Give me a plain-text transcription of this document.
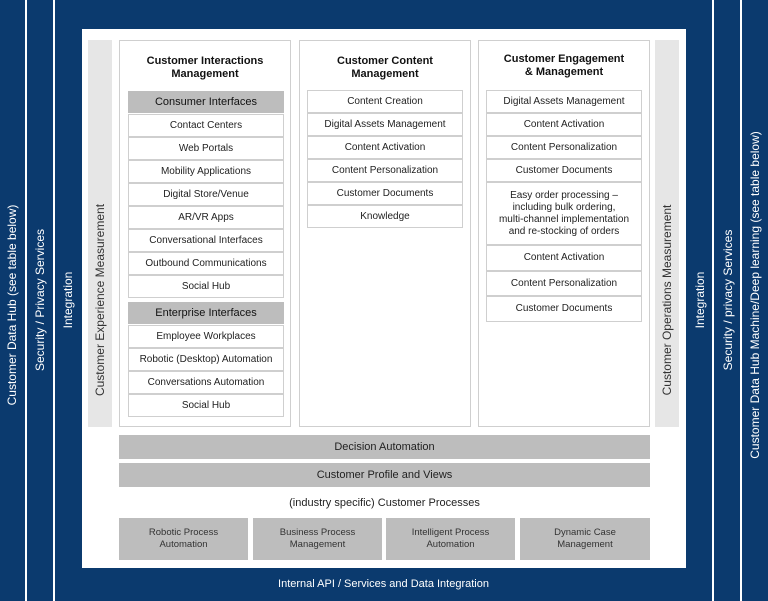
Customer Data Hub (see table below) Security / Privacy Services Integration	Integration Security / privacy Services Customer Data Hub Machine/Deep learning (see table below)
Customer Experience Measurement	Customer Operations Measurement
Customer Interactions
Management
Consumer Interfaces
Contact Centers
Web Portals
Mobility Applications
Digital Store/Venue
AR/VR Apps
Conversational Interfaces
Outbound Communications
Social Hub
Enterprise Interfaces
Employee Workplaces
Robotic (Desktop) Automation
Conversations Automation
Social Hub
Customer Content
Management
Content Creation
Digital Assets Management
Content Activation
Content Personalization
Customer Documents
Knowledge
Customer Engagement
& Management
Digital Assets Management
Content Activation
Content Personalization
Customer Documents
Easy order processing –
including bulk ordering,
multi-channel implementation
and re-stocking of orders
Content Activation
Content Personalization
Customer Documents
Decision Automation
Customer Profile and Views
(industry specific) Customer Processes
Robotic Process
Automation
Business Process
Management
Intelligent Process
Automation
Dynamic Case
Management
Internal API / Services and Data Integration
